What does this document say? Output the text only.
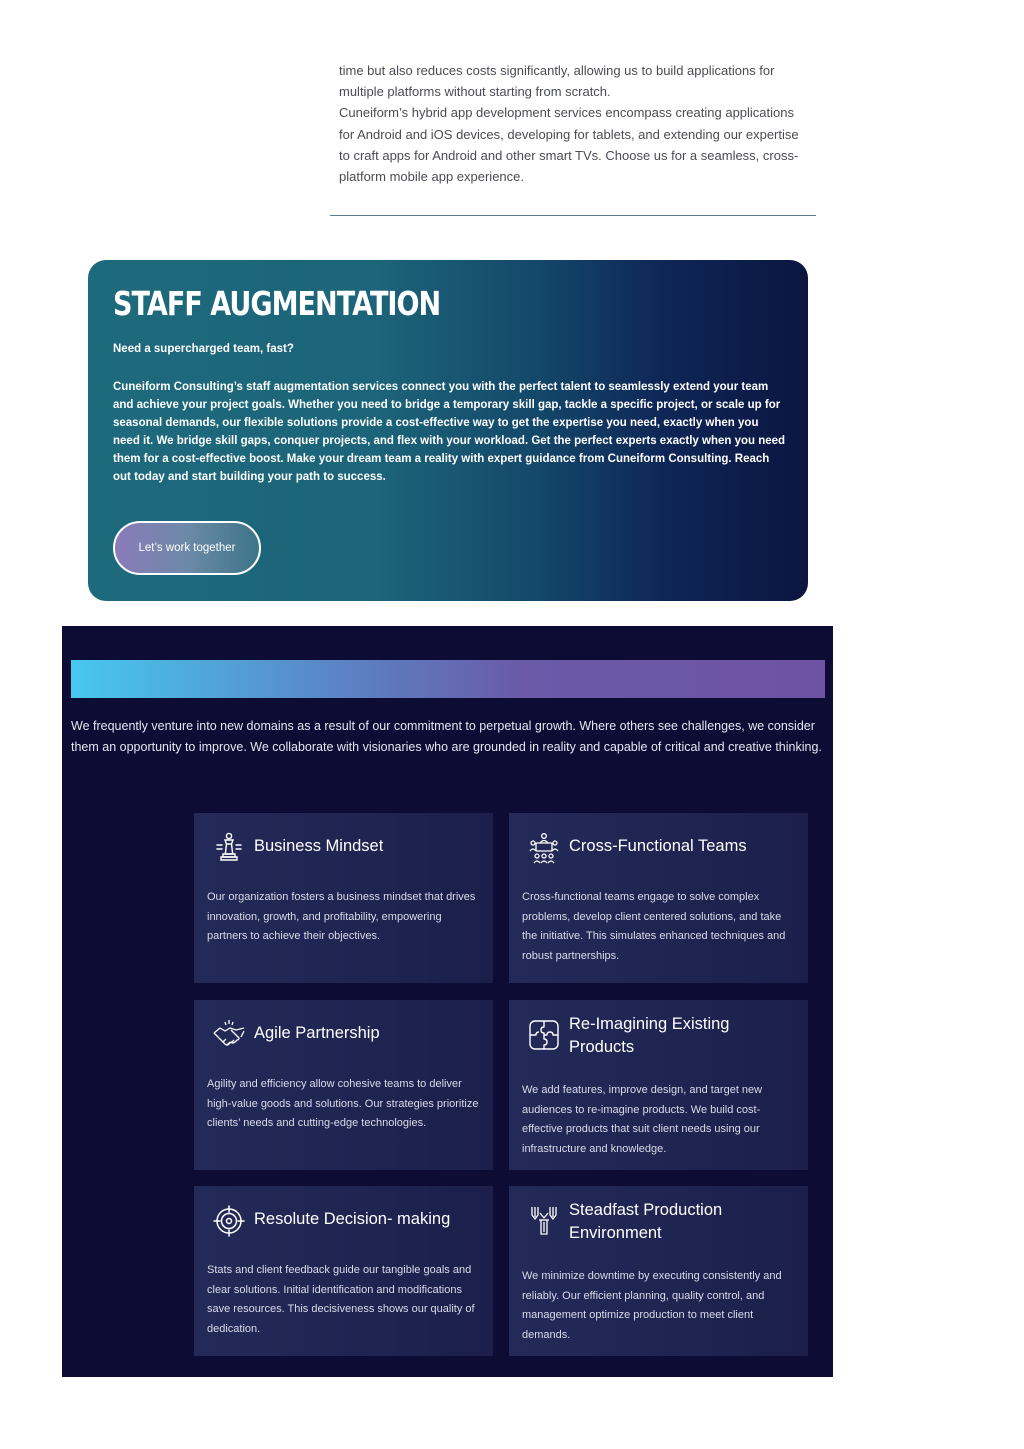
time but also reduces costs significantly, allowing us to build applications for multiple platforms without starting from scratch.

Cuneiform’s hybrid app development services encompass creating applications for Android and iOS devices, developing for tablets, and extending our expertise to craft apps for Android and other smart TVs. Choose us for a seamless, cross-platform mobile app experience.

STAFF AUGMENTATION
Need a supercharged team, fast?
Cuneiform Consulting’s staff augmentation services connect you with the perfect talent to seamlessly extend your team and achieve your project goals. Whether you need to bridge a temporary skill gap, tackle a specific project, or scale up for seasonal demands, our flexible solutions provide a cost-effective way to get the expertise you need, exactly when you need it. We bridge skill gaps, conquer projects, and flex with your workload. Get the perfect experts exactly when you need them for a cost-effective boost. Make your dream team a reality with expert guidance from Cuneiform Consulting. Reach out today and start building your path to success.
Let’s work together
We frequently venture into new domains as a result of our commitment to perpetual growth. Where others see challenges, we consider them an opportunity to improve. We collaborate with visionaries who are grounded in reality and capable of critical and creative thinking.
Business Mindset
Our organization fosters a business mindset that drives innovation, growth, and profitability, empowering partners to achieve their objectives.
Cross-Functional Teams
Cross-functional teams engage to solve complex problems, develop client centered solutions, and take the initiative. This simulates enhanced techniques and robust partnerships.
Agile Partnership
Agility and efficiency allow cohesive teams to deliver high-value goods and solutions. Our strategies prioritize clients’ needs and cutting-edge technologies.
Re-Imagining Existing Products
We add features, improve design, and target new audiences to re-imagine products. We build cost-effective products that suit client needs using our infrastructure and knowledge.
Resolute Decision- making
Stats and client feedback guide our tangible goals and clear solutions. Initial identification and modifications save resources. This decisiveness shows our quality of dedication.
Steadfast Production Environment
We minimize downtime by executing consistently and reliably. Our efficient planning, quality control, and management optimize production to meet client demands.
